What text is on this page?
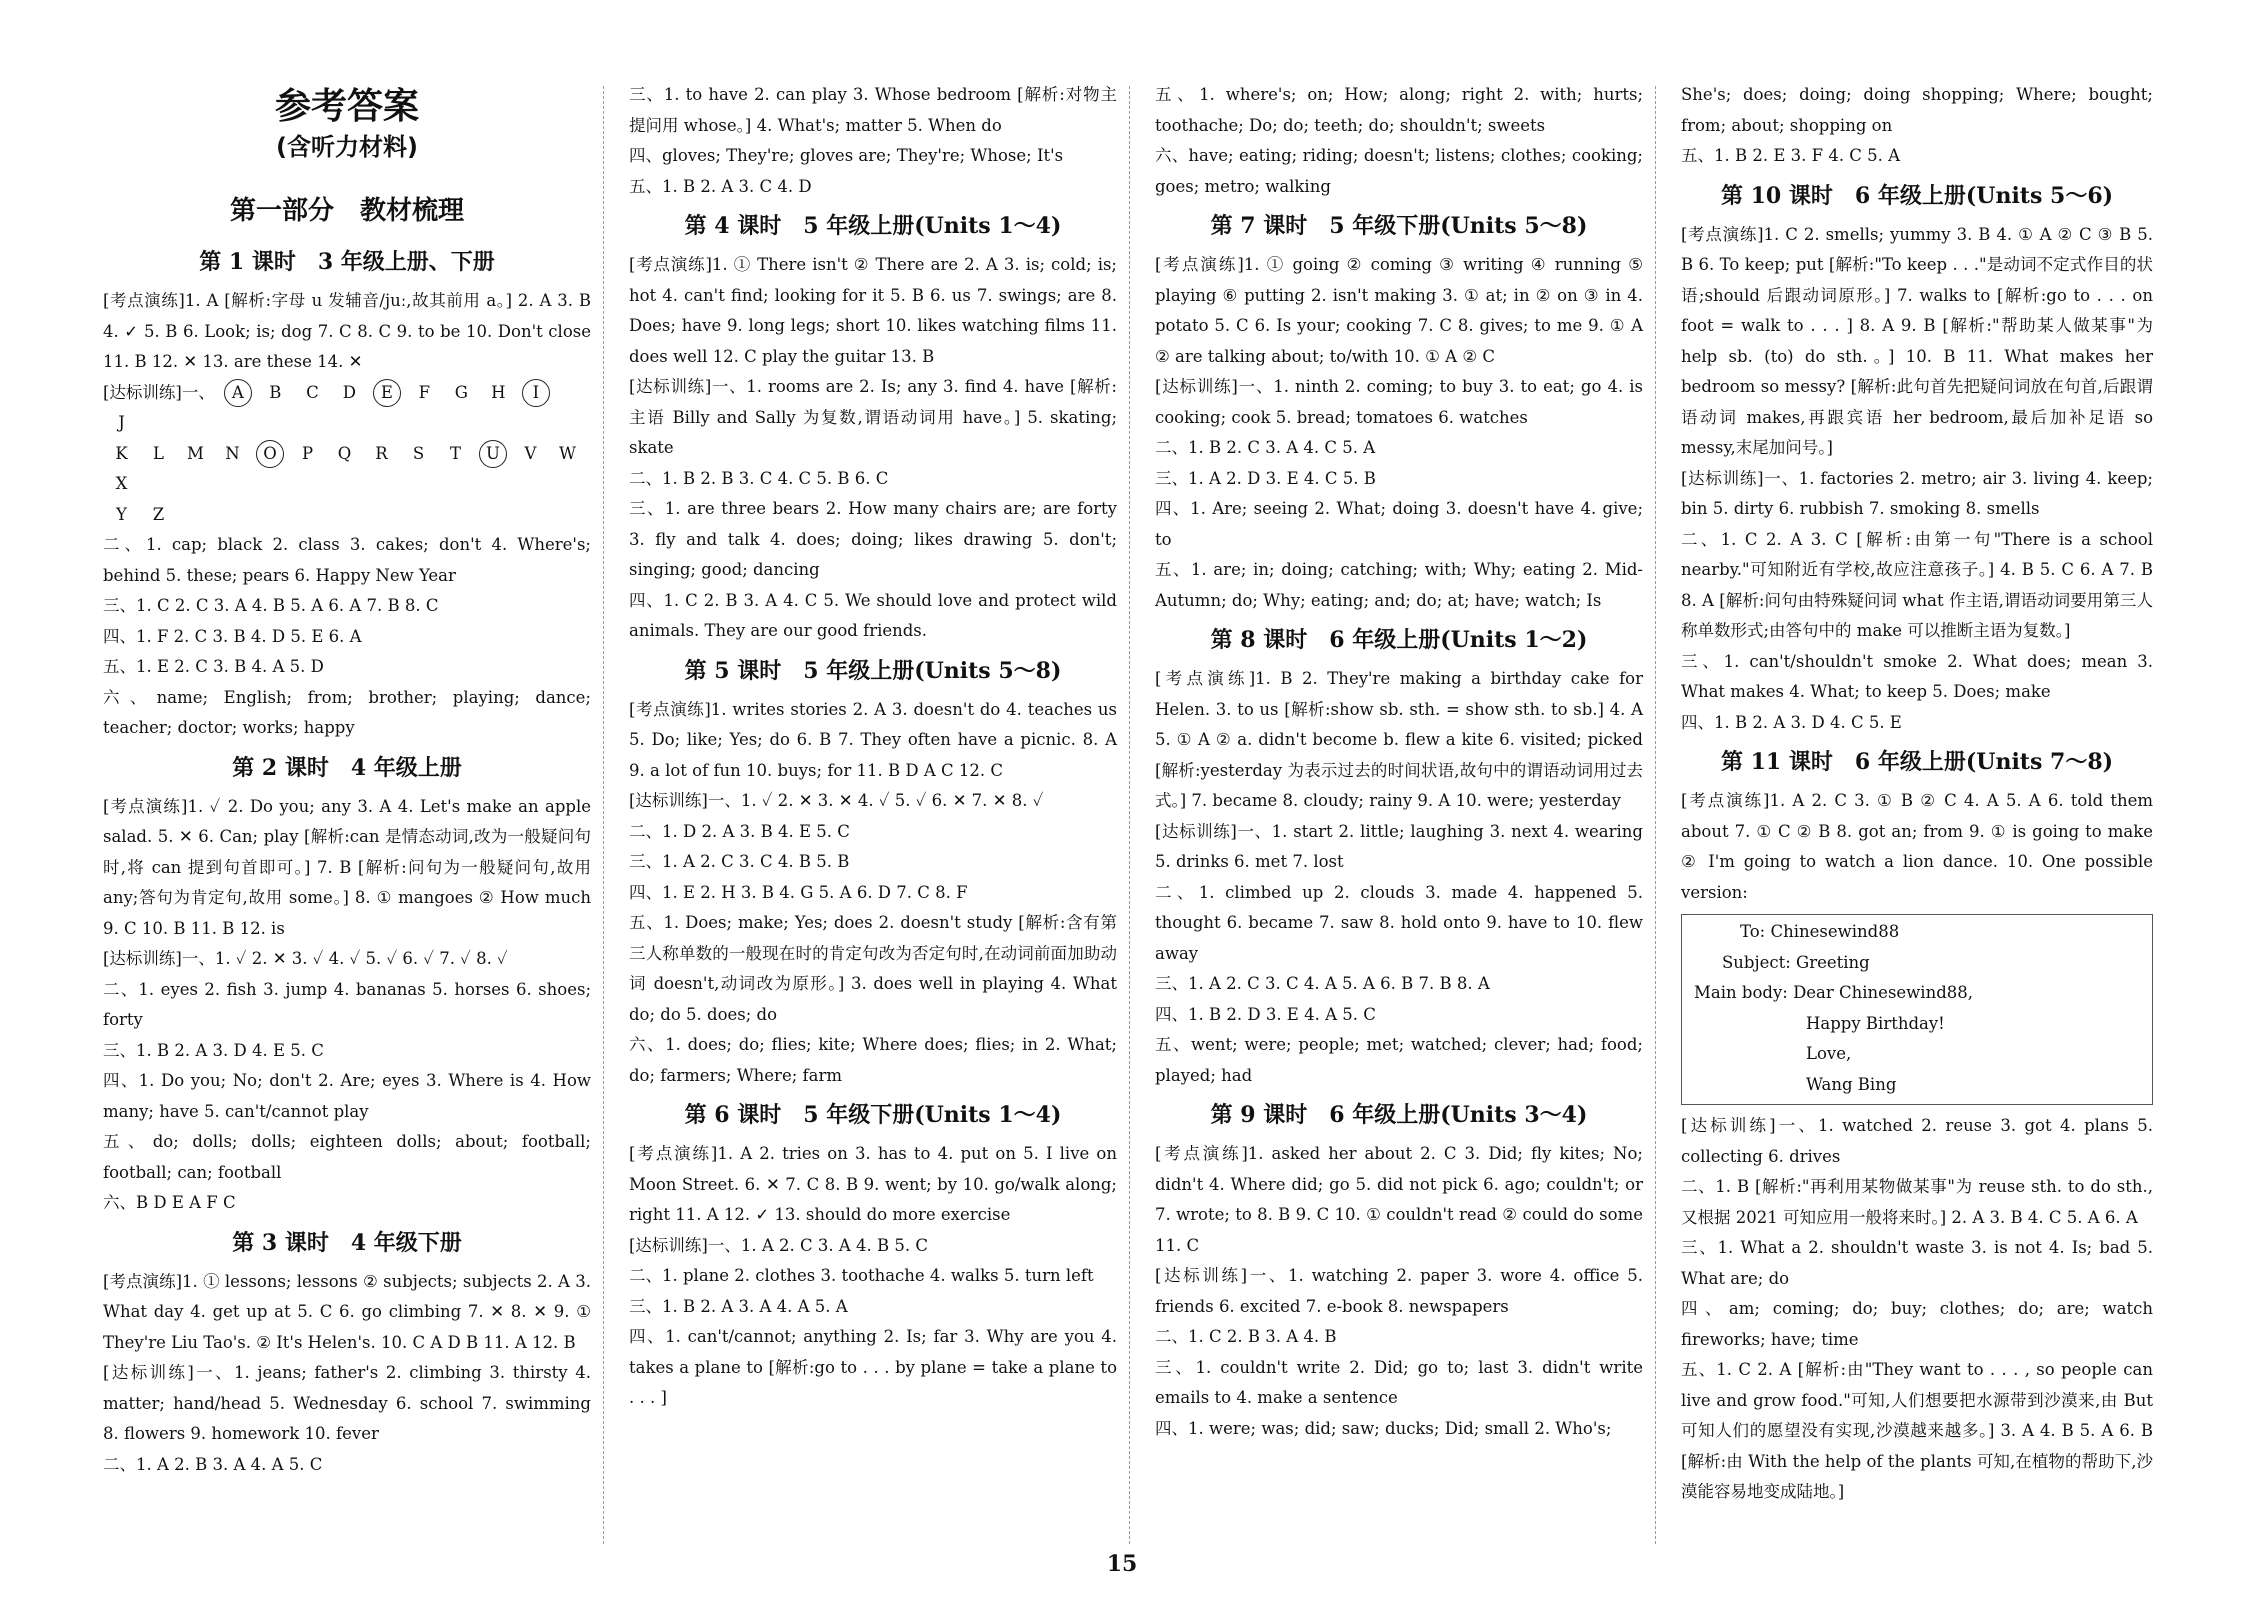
参考答案
(含听力材料)
第一部分　教材梳理
第 1 课时　3 年级上册、下册

[考点演练]1. A [解析:字母 u 发辅音/juː,故其前用 a。] 2. A 3. B 4. ✓ 5. B 6. Look; is; dog 7. C 8. C 9. to be 10. Don't close 11. B 12. ✕ 13. are these 14. ✕

[达标训练]一、 A B C D E F G H IJ
K L M N O P Q R S T U V WX
Y Z

二、1. cap; black 2. class 3. cakes; don't 4. Where's; behind 5. these; pears 6. Happy New Year

三、1. C 2. C 3. A 4. B 5. A 6. A 7. B 8. C

四、1. F 2. C 3. B 4. D 5. E 6. A

五、1. E 2. C 3. B 4. A 5. D

六、name; English; from; brother; playing; dance; teacher; doctor; works; happy

第 2 课时　4 年级上册

[考点演练]1. ✓ 2. Do you; any 3. A 4. Let's make an apple salad. 5. ✕ 6. Can; play [解析:can 是情态动词,改为一般疑问句时,将 can 提到句首即可。] 7. B [解析:问句为一般疑问句,故用 any;答句为肯定句,故用 some。] 8. ① mangoes ② How much 9. C 10. B 11. B 12. is

[达标训练]一、1. ✓ 2. ✕ 3. ✓ 4. ✓ 5. ✓ 6. ✓ 7. ✓ 8. ✓

二、1. eyes 2. fish 3. jump 4. bananas 5. horses 6. shoes; forty

三、1. B 2. A 3. D 4. E 5. C

四、1. Do you; No; don't 2. Are; eyes 3. Where is 4. How many; have 5. can't/cannot play

五、do; dolls; dolls; eighteen dolls; about; football; football; can; football

六、B D E A F C

第 3 课时　4 年级下册

[考点演练]1. ① lessons; lessons ② subjects; subjects 2. A 3. What day 4. get up at 5. C 6. go climbing 7. ✕ 8. ✕ 9. ① They're Liu Tao's. ② It's Helen's. 10. C A D B 11. A 12. B

[达标训练]一、1. jeans; father's 2. climbing 3. thirsty 4. matter; hand/head 5. Wednesday 6. school 7. swimming 8. flowers 9. homework 10. fever

二、1. A 2. B 3. A 4. A 5. C

三、1. to have 2. can play 3. Whose bedroom [解析:对物主提问用 whose。] 4. What's; matter 5. When do

四、gloves; They're; gloves are; They're; Whose; It's

五、1. B 2. A 3. C 4. D

第 4 课时　5 年级上册(Units 1～4)

[考点演练]1. ① There isn't ② There are 2. A 3. is; cold; is; hot 4. can't find; looking for it 5. B 6. us 7. swings; are 8. Does; have 9. long legs; short 10. likes watching films 11. does well 12. C play the guitar 13. B

[达标训练]一、1. rooms are 2. Is; any 3. find 4. have [解析:主语 Billy and Sally 为复数,谓语动词用 have。] 5. skating; skate

二、1. B 2. B 3. C 4. C 5. B 6. C

三、1. are three bears 2. How many chairs are; are forty 3. fly and talk 4. does; doing; likes drawing 5. don't; singing; good; dancing

四、1. C 2. B 3. A 4. C 5. We should love and protect wild animals. They are our good friends.

第 5 课时　5 年级上册(Units 5～8)

[考点演练]1. writes stories 2. A 3. doesn't do 4. teaches us 5. Do; like; Yes; do 6. B 7. They often have a picnic. 8. A 9. a lot of fun 10. buys; for 11. B D A C 12. C

[达标训练]一、1. ✓ 2. ✕ 3. ✕ 4. ✓ 5. ✓ 6. ✕ 7. ✕ 8. ✓

二、1. D 2. A 3. B 4. E 5. C

三、1. A 2. C 3. C 4. B 5. B

四、1. E 2. H 3. B 4. G 5. A 6. D 7. C 8. F

五、1. Does; make; Yes; does 2. doesn't study [解析:含有第三人称单数的一般现在时的肯定句改为否定句时,在动词前面加助动词 doesn't,动词改为原形。] 3. does well in playing 4. What do; do 5. does; do

六、1. does; do; flies; kite; Where does; flies; in 2. What; do; farmers; Where; farm

第 6 课时　5 年级下册(Units 1～4)

[考点演练]1. A 2. tries on 3. has to 4. put on 5. I live on Moon Street. 6. ✕ 7. C 8. B 9. went; by 10. go/walk along; right 11. A 12. ✓ 13. should do more exercise

[达标训练]一、1. A 2. C 3. A 4. B 5. C

二、1. plane 2. clothes 3. toothache 4. walks 5. turn left

三、1. B 2. A 3. A 4. A 5. A

四、1. can't/cannot; anything 2. Is; far 3. Why are you 4. takes a plane to [解析:go to . . . by plane = take a plane to . . . ]

五、1. where's; on; How; along; right 2. with; hurts; toothache; Do; do; teeth; do; shouldn't; sweets

六、have; eating; riding; doesn't; listens; clothes; cooking; goes; metro; walking

第 7 课时　5 年级下册(Units 5～8)

[考点演练]1. ① going ② coming ③ writing ④ running ⑤ playing ⑥ putting 2. isn't making 3. ① at; in ② on ③ in 4. potato 5. C 6. Is your; cooking 7. C 8. gives; to me 9. ① A ② are talking about; to/with 10. ① A ② C

[达标训练]一、1. ninth 2. coming; to buy 3. to eat; go 4. is cooking; cook 5. bread; tomatoes 6. watches

二、1. B 2. C 3. A 4. C 5. A

三、1. A 2. D 3. E 4. C 5. B

四、1. Are; seeing 2. What; doing 3. doesn't have 4. give; to

五、1. are; in; doing; catching; with; Why; eating 2. Mid-Autumn; do; Why; eating; and; do; at; have; watch; Is

第 8 课时　6 年级上册(Units 1～2)

[考点演练]1. B 2. They're making a birthday cake for Helen. 3. to us [解析:show sb. sth. = show sth. to sb.] 4. A 5. ① A ② a. didn't become b. flew a kite 6. visited; picked [解析:yesterday 为表示过去的时间状语,故句中的谓语动词用过去式。] 7. became 8. cloudy; rainy 9. A 10. were; yesterday

[达标训练]一、1. start 2. little; laughing 3. next 4. wearing 5. drinks 6. met 7. lost

二、1. climbed up 2. clouds 3. made 4. happened 5. thought 6. became 7. saw 8. hold onto 9. have to 10. flew away

三、1. A 2. C 3. C 4. A 5. A 6. B 7. B 8. A

四、1. B 2. D 3. E 4. A 5. C

五、went; were; people; met; watched; clever; had; food; played; had

第 9 课时　6 年级上册(Units 3～4)

[考点演练]1. asked her about 2. C 3. Did; fly kites; No; didn't 4. Where did; go 5. did not pick 6. ago; couldn't; or 7. wrote; to 8. B 9. C 10. ① couldn't read ② could do some 11. C

[达标训练]一、1. watching 2. paper 3. wore 4. office 5. friends 6. excited 7. e-book 8. newspapers

二、1. C 2. B 3. A 4. B

三、1. couldn't write 2. Did; go to; last 3. didn't write emails to 4. make a sentence

四、1. were; was; did; saw; ducks; Did; small 2. Who's;

She's; does; doing; doing shopping; Where; bought; from; about; shopping on

五、1. B 2. E 3. F 4. C 5. A

第 10 课时　6 年级上册(Units 5～6)

[考点演练]1. C 2. smells; yummy 3. B 4. ① A ② C ③ B 5. B 6. To keep; put [解析:"To keep . . ."是动词不定式作目的状语;should 后跟动词原形。] 7. walks to [解析:go to . . . on foot = walk to . . . ] 8. A 9. B [解析:"帮助某人做某事"为 help sb. (to) do sth.。] 10. B 11. What makes her bedroom so messy? [解析:此句首先把疑问词放在句首,后跟谓语动词 makes,再跟宾语 her bedroom,最后加补足语 so messy,末尾加问号。]

[达标训练]一、1. factories 2. metro; air 3. living 4. keep; bin 5. dirty 6. rubbish 7. smoking 8. smells

二、1. C 2. A 3. C [解析:由第一句"There is a school nearby."可知附近有学校,故应注意孩子。] 4. B 5. C 6. A 7. B 8. A [解析:问句由特殊疑问词 what 作主语,谓语动词要用第三人称单数形式;由答句中的 make 可以推断主语为复数。]

三、1. can't/shouldn't smoke 2. What does; mean 3. What makes 4. What; to keep 5. Does; make

四、1. B 2. A 3. D 4. C 5. E

第 11 课时　6 年级上册(Units 7～8)

[考点演练]1. A 2. C 3. ① B ② C 4. A 5. A 6. told them about 7. ① C ② B 8. got an; from 9. ① is going to make ② I'm going to watch a lion dance. 10. One possible version:

To: Chinesewind88

Subject: Greeting

Main body: Dear Chinesewind88,

Happy Birthday!

Love,

Wang Bing

[达标训练]一、1. watched 2. reuse 3. got 4. plans 5. collecting 6. drives

二、1. B [解析:"再利用某物做某事"为 reuse sth. to do sth.,又根据 2021 可知应用一般将来时。] 2. A 3. B 4. C 5. A 6. A

三、1. What a 2. shouldn't waste 3. is not 4. Is; bad 5. What are; do

四、am; coming; do; buy; clothes; do; are; watch fireworks; have; time

五、1. C 2. A [解析:由"They want to . . . , so people can live and grow food."可知,人们想要把水源带到沙漠来,由 But 可知人们的愿望没有实现,沙漠越来越多。] 3. A 4. B 5. A 6. B [解析:由 With the help of the plants 可知,在植物的帮助下,沙漠能容易地变成陆地。]

15
